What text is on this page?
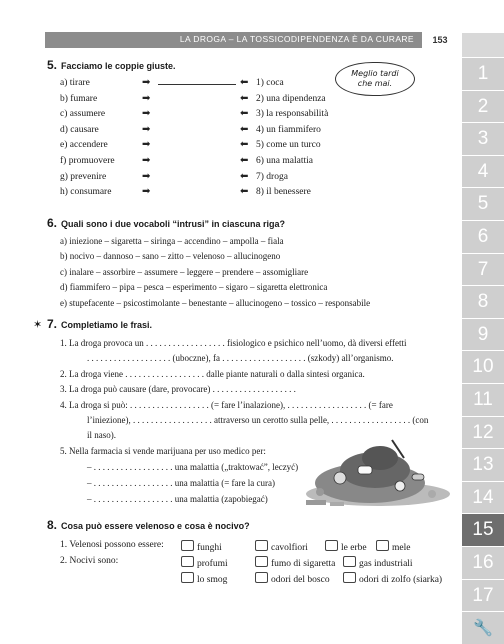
LA DROGA – LA TOSSICODIPENDENZA È DA CURARE	153
5. Facciamo le coppie giuste.
Meglio tardi
che mai.
a) tirare	➡	⬅ 1) coca
b) fumare	➡	⬅ 2) una dipendenza
c) assumere	➡	⬅ 3) la responsabilità
d) causare	➡	⬅ 4) un fiammifero
e) accendere	➡	⬅ 5) come un turco
f) promuovere	➡	⬅ 6) una malattia
g) prevenire	➡	⬅ 7) droga
h) consumare	➡	⬅ 8) il benessere
6. Quali sono i due vocaboli “intrusi” in ciascuna riga?
a) iniezione – sigaretta – siringa – accendino – ampolla – fiala
b) nocivo – dannoso – sano – zitto – velenoso – allucinogeno
c) inalare – assorbire – assumere – leggere – prendere – assomigliare
d) fiammifero – pipa – pesca – esperimento – sigaro – sigaretta elettronica
e) stupefacente – psicostimolante – benestante – allucinogeno – tossico – responsabile
✶ 7. Completiamo le frasi.
1. La droga provoca un . . . . . . . . . . . . . . . . . . fisiologico e psichico nell’uomo, dà diversi effetti
. . . . . . . . . . . . . . . . . . . (uboczne), fa . . . . . . . . . . . . . . . . . . . (szkody) all’organismo.
2. La droga viene . . . . . . . . . . . . . . . . . . dalle piante naturali o dalla sintesi organica.
3. La droga può causare (dare, provocare) . . . . . . . . . . . . . . . . . . .
4. La droga si può: . . . . . . . . . . . . . . . . . . (= fare l’inalazione), . . . . . . . . . . . . . . . . . . (= fare
l’iniezione), . . . . . . . . . . . . . . . . . . attraverso un cerotto sulla pelle, . . . . . . . . . . . . . . . . . . (con
il naso).
5. Nella farmacia si vende marijuana per uso medico per:
– . . . . . . . . . . . . . . . . . . una malattia („traktować”, leczyć)
– . . . . . . . . . . . . . . . . . . una malattia (= fare la cura)
– . . . . . . . . . . . . . . . . . . una malattia (zapobiegać)
8. Cosa può essere velenoso e cosa è nocivo?
1. Velenosi possono essere:
2. Nocivi sono:
funghi	cavolfiori	le erbe	mele
profumi	fumo di sigaretta	gas industriali
lo smog	odori del bosco	odori di zolfo (siarka)
1
2
3
4
5
6
7
8
9
10
11
12
13
14
15
16
17
🔧
